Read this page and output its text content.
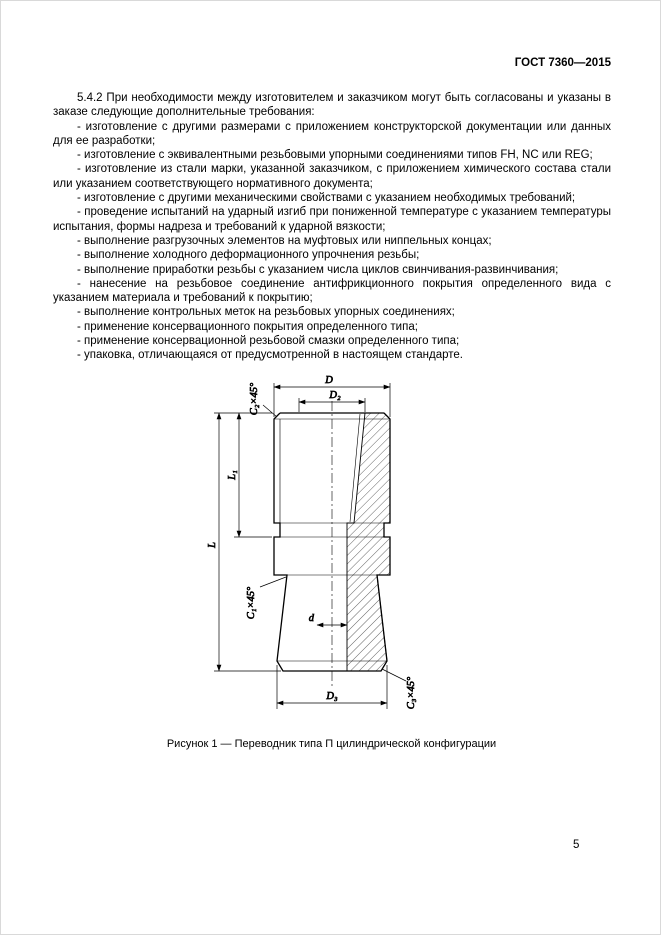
ГОСТ 7360—2015

5.4.2 При необходимости между изготовителем и заказчиком могут быть согласованы и указаны в заказе следующие дополнительные требования:

- изготовление с другими размерами с приложением конструкторской документации или данных для ее разработки;

- изготовление с эквивалентными резьбовыми упорными соединениями типов FH, NC или REG;

- изготовление из стали марки, указанной заказчиком, с приложением химического состава стали или указанием соответствующего нормативного документа;

- изготовление с другими механическими свойствами с указанием необходимых требований;

- проведение испытаний на ударный изгиб при пониженной температуре с указанием температуры испытания, формы надреза и требований к ударной вязкости;

- выполнение разгрузочных элементов на муфтовых или ниппельных концах;

- выполнение холодного деформационного упрочнения резьбы;

- выполнение приработки резьбы с указанием числа циклов свинчивания-развинчивания;

- нанесение на резьбовое соединение антифрикционного покрытия определенного вида с указанием материала и требований к покрытию;

- выполнение контрольных меток на резьбовых упорных соединениях;

- применение консервационного покрытия определенного типа;

- применение консервационной резьбовой смазки определенного типа;

- упаковка, отличающаяся от предусмотренной в настоящем стандарте.

D
D₂
C₂×45°
L₁
L
C₁×45°	d
D₃	C₃×45°
Рисунок 1 — Переводник типа П цилиндрической конфигурации
5
